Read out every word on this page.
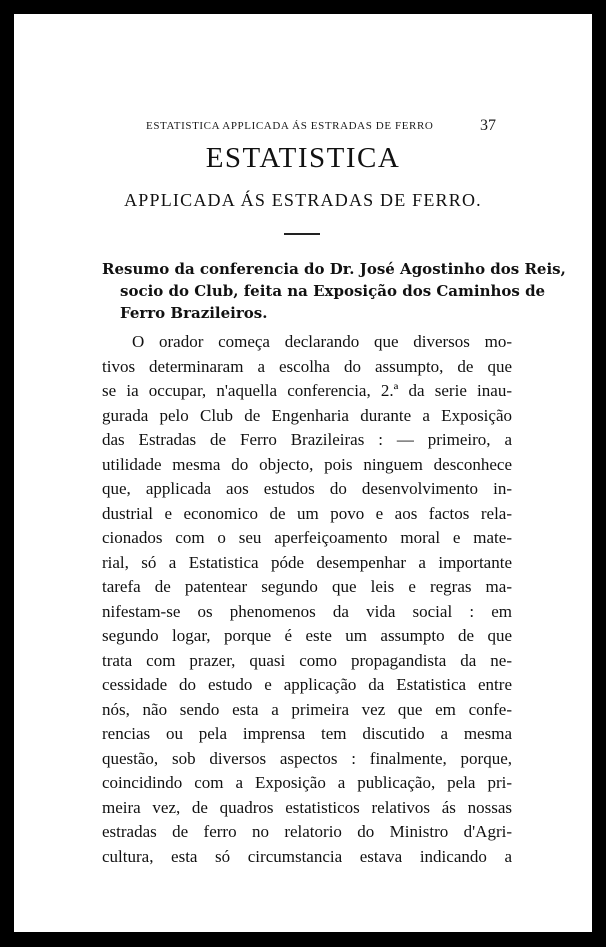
ESTATISTICA APPLICADA ÁS ESTRADAS DE FERRO	37
ESTATISTICA
APPLICADA ÁS ESTRADAS DE FERRO.
Resumo da conferencia do Dr. José Agostinho dos Reis,
socio do Club, feita na Exposição dos Caminhos de
Ferro Brazileiros.
O orador começa declarando que diversos mo-
tivos determinaram a escolha do assumpto, de que
se ia occupar, n'aquella conferencia, 2.ª da serie inau-
gurada pelo Club de Engenharia durante a Exposição
das Estradas de Ferro Brazileiras : — primeiro, a
utilidade mesma do objecto, pois ninguem desconhece
que, applicada aos estudos do desenvolvimento in-
dustrial e economico de um povo e aos factos rela-
cionados com o seu aperfeiçoamento moral e mate-
rial, só a Estatistica póde desempenhar a importante
tarefa de patentear segundo que leis e regras ma-
nifestam-se os phenomenos da vida social : em
segundo logar, porque é este um assumpto de que
trata com prazer, quasi como propagandista da ne-
cessidade do estudo e applicação da Estatistica entre
nós, não sendo esta a primeira vez que em confe-
rencias ou pela imprensa tem discutido a mesma
questão, sob diversos aspectos : finalmente, porque,
coincidindo com a Exposição a publicação, pela pri-
meira vez, de quadros estatisticos relativos ás nossas
estradas de ferro no relatorio do Ministro d'Agri-
cultura, esta só circumstancia estava indicando a
